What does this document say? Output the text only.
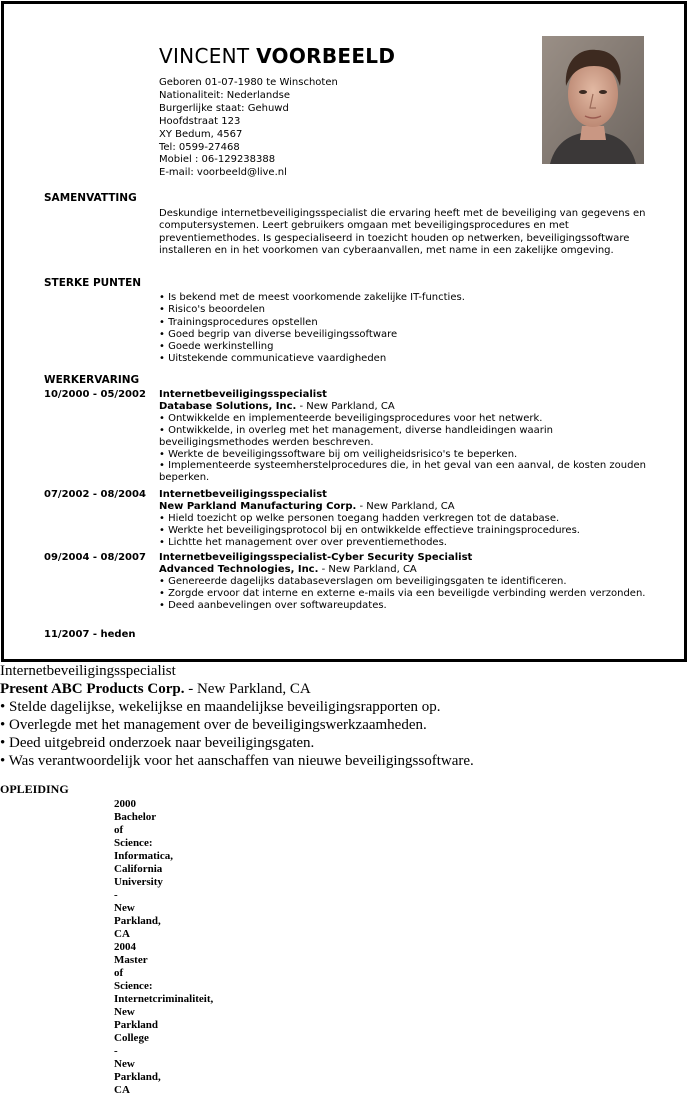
VINCENT VOORBEELD
Geboren 01-07-1980 te Winschoten
Nationaliteit: Nederlandse
Burgerlijke staat: Gehuwd
Hoofdstraat 123
XY Bedum, 4567
Tel: 0599-27468
Mobiel : 06-129238388
E-mail: voorbeeld@live.nl
SAMENVATTING
Deskundige internetbeveiligingsspecialist die ervaring heeft met de beveiliging van gegevens en computersystemen. Leert gebruikers omgaan met beveiligingsprocedures en met preventiemethodes. Is gespecialiseerd in toezicht houden op netwerken, beveiligingssoftware installeren en in het voorkomen van cyberaanvallen, met name in een zakelijke omgeving.
STERKE PUNTEN
• Is bekend met de meest voorkomende zakelijke IT-functies.
• Risico's beoordelen
• Trainingsprocedures opstellen
• Goed begrip van diverse beveiligingssoftware
• Goede werkinstelling
• Uitstekende communicatieve vaardigheden
WERKERVARING
10/2000 - 05/2002 Internetbeveiligingsspecialist
Database Solutions, Inc. - New Parkland, CA
• Ontwikkelde en implementeerde beveiligingsprocedures voor het netwerk.
• Ontwikkelde, in overleg met het management, diverse handleidingen waarin beveiligingsmethodes werden beschreven.
• Werkte de beveiligingssoftware bij om veiligheidsrisico's te beperken.
• Implementeerde systeemherstelprocedures die, in het geval van een aanval, de kosten zouden beperken.
07/2002 - 08/2004 Internetbeveiligingsspecialist
New Parkland Manufacturing Corp. - New Parkland, CA
• Hield toezicht op welke personen toegang hadden verkregen tot de database.
• Werkte het beveiligingsprotocol bij en ontwikkelde effectieve trainingsprocedures.
• Lichtte het management over over preventiemethodes.
09/2004 - 08/2007 Internetbeveiligingsspecialist-Cyber Security Specialist
Advanced Technologies, Inc. - New Parkland, CA
• Genereerde dagelijks databaseverslagen om beveiligingsgaten te identificeren.
• Zorgde ervoor dat interne en externe e-mails via een beveiligde verbinding werden verzonden.
• Deed aanbevelingen over softwareupdates.
11/2007 - heden
Internetbeveiligingsspecialist
Present ABC Products Corp. - New Parkland, CA
• Stelde dagelijkse, wekelijkse en maandelijkse beveiligingsrapporten op.
• Overlegde met het management over de beveiligingswerkzaamheden.
• Deed uitgebreid onderzoek naar beveiligingsgaten.
• Was verantwoordelijk voor het aanschaffen van nieuwe beveiligingssoftware.
OPLEIDING
2000
Bachelor
of
Science:
Informatica,
California
University
-
New
Parkland,
CA
2004
Master
of
Science:
Internetcriminaliteit,
New
Parkland
College
-
New
Parkland,
CA
